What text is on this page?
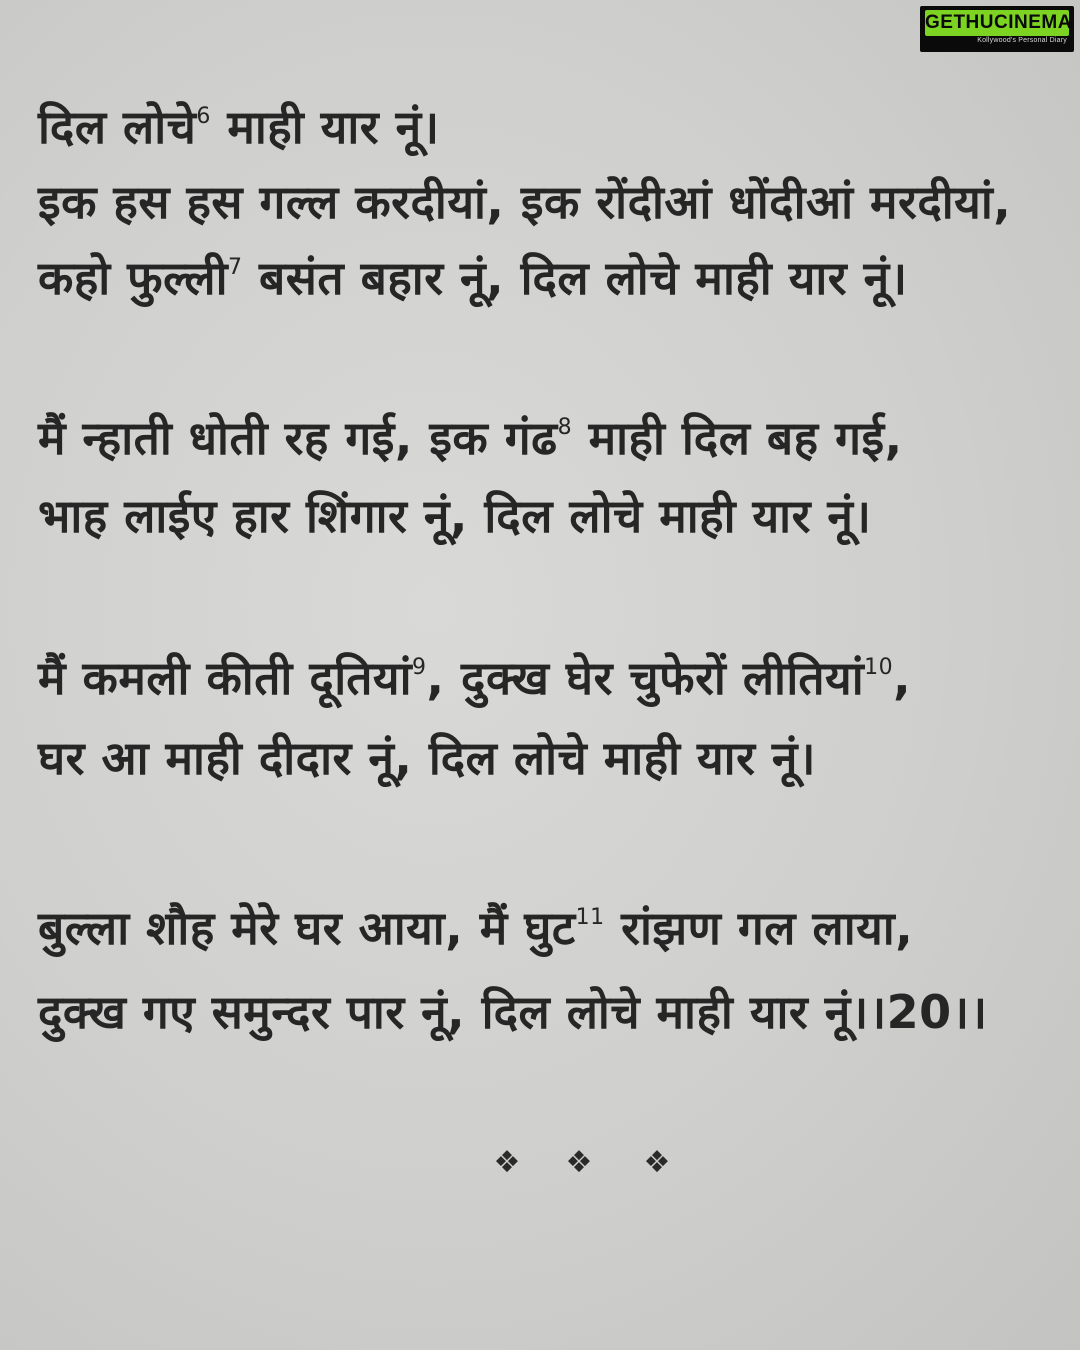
GETHUCINEMA
Kollywood's Personal Diary
दिल लोचे$^6$ माही यार नूं।
इक हस हस गल्ल करदीयां, इक रोंदीआं धोंदीआं मरदीयां,
कहो फुल्ली$^7$ बसंत बहार नूं, दिल लोचे माही यार नूं।
मैं न्हाती धोती रह गई, इक गंढ$^8$ माही दिल बह गई,
भाह लाईए हार शिंगार नूं, दिल लोचे माही यार नूं।
मैं कमली कीती दूतियां$^9$, दुक्ख घेर चुफेरों लीतियां$^{10}$,
घर आ माही दीदार नूं, दिल लोचे माही यार नूं।
बुल्ला शौह मेरे घर आया, मैं घुट$^{11}$ रांझण गल लाया,
दुक्ख गए समुन्दर पार नूं, दिल लोचे माही यार नूं।।20।।
❖ ❖ ❖
